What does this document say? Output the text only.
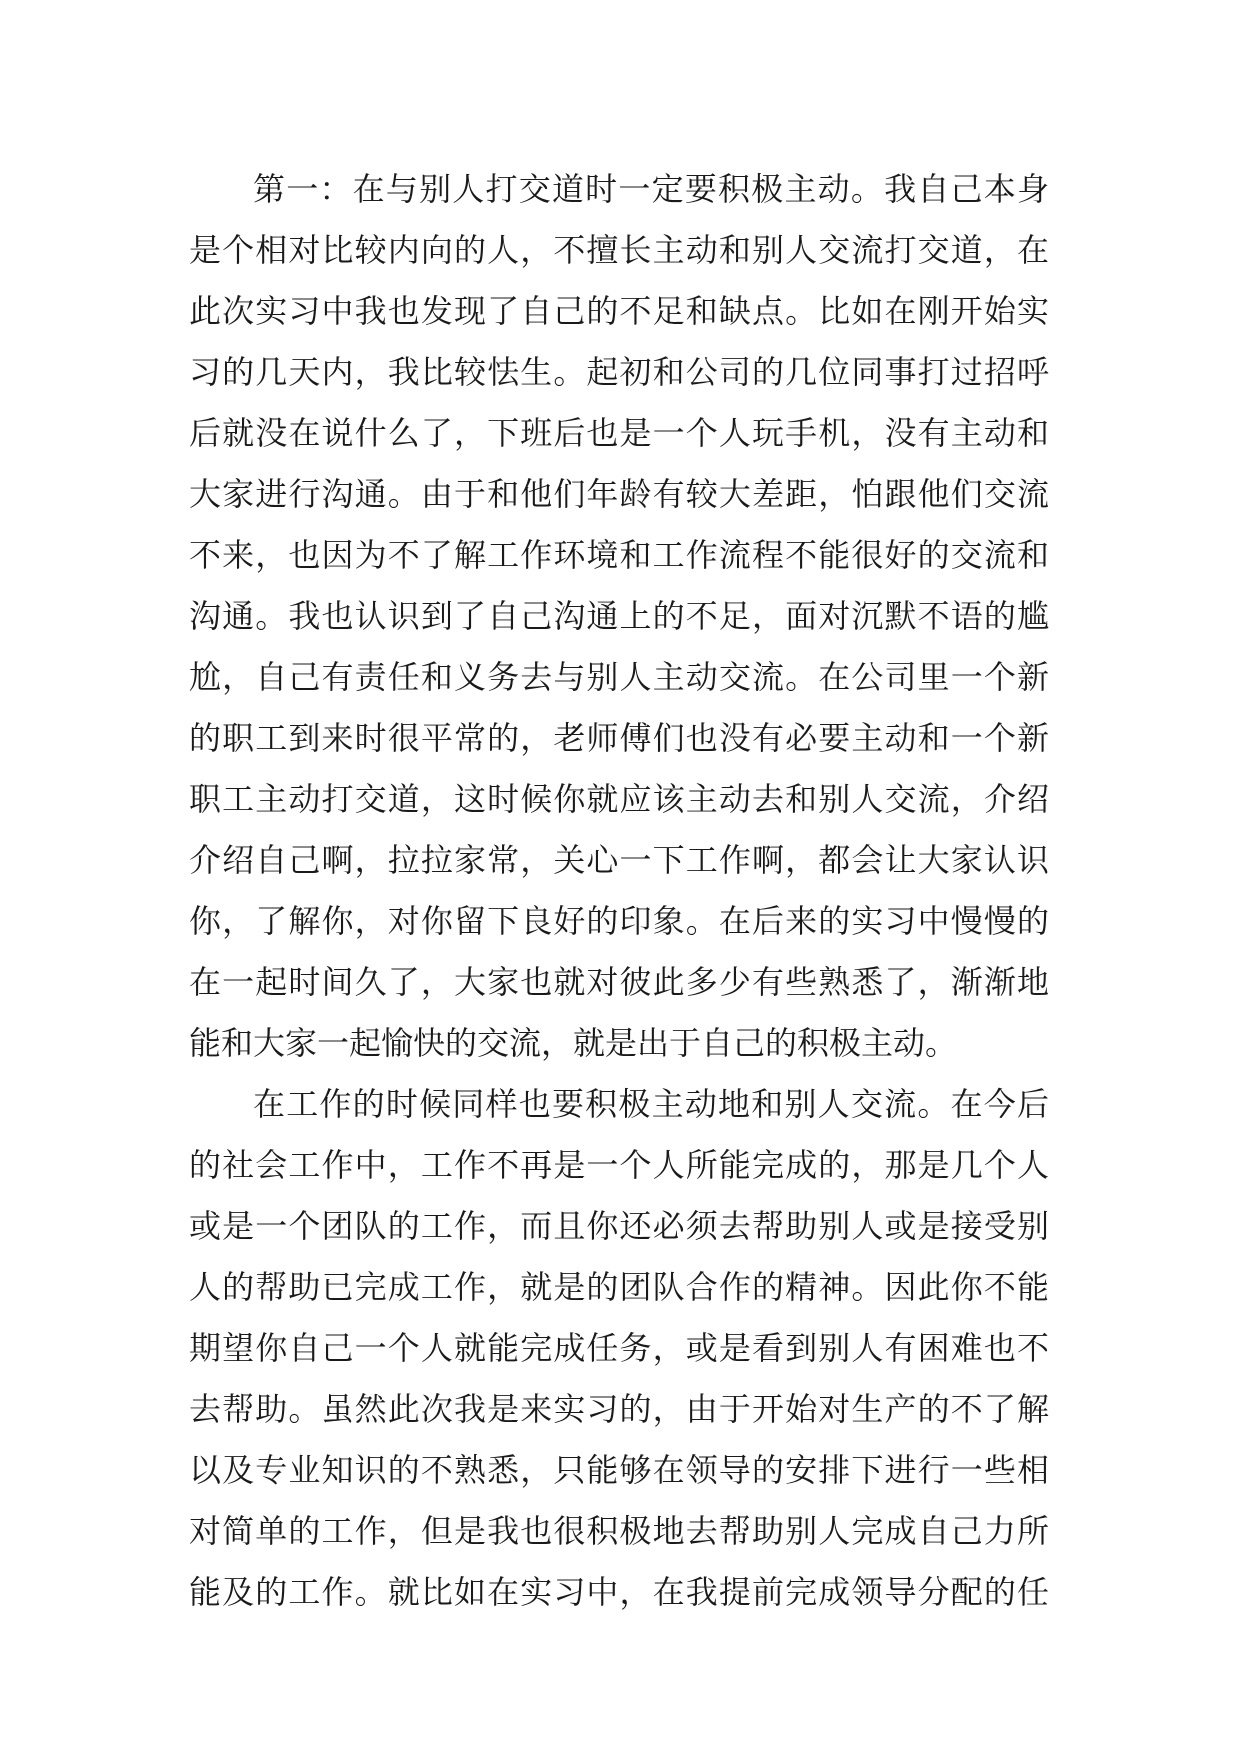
第一：在与别人打交道时一定要积极主动。我自己本身
是个相对比较内向的人，不擅长主动和别人交流打交道，在
此次实习中我也发现了自己的不足和缺点。比如在刚开始实
习的几天内，我比较怯生。起初和公司的几位同事打过招呼
后就没在说什么了，下班后也是一个人玩手机，没有主动和
大家进行沟通。由于和他们年龄有较大差距，怕跟他们交流
不来，也因为不了解工作环境和工作流程不能很好的交流和
沟通。我也认识到了自己沟通上的不足，面对沉默不语的尴
尬，自己有责任和义务去与别人主动交流。在公司里一个新
的职工到来时很平常的，老师傅们也没有必要主动和一个新
职工主动打交道，这时候你就应该主动去和别人交流，介绍
介绍自己啊，拉拉家常，关心一下工作啊，都会让大家认识
你，了解你，对你留下良好的印象。在后来的实习中慢慢的
在一起时间久了，大家也就对彼此多少有些熟悉了，渐渐地
能和大家一起愉快的交流，就是出于自己的积极主动。
在工作的时候同样也要积极主动地和别人交流。在今后
的社会工作中，工作不再是一个人所能完成的，那是几个人
或是一个团队的工作，而且你还必须去帮助别人或是接受别
人的帮助已完成工作，就是的团队合作的精神。因此你不能
期望你自己一个人就能完成任务，或是看到别人有困难也不
去帮助。虽然此次我是来实习的，由于开始对生产的不了解
以及专业知识的不熟悉，只能够在领导的安排下进行一些相
对简单的工作，但是我也很积极地去帮助别人完成自己力所
能及的工作。就比如在实习中，在我提前完成领导分配的任
